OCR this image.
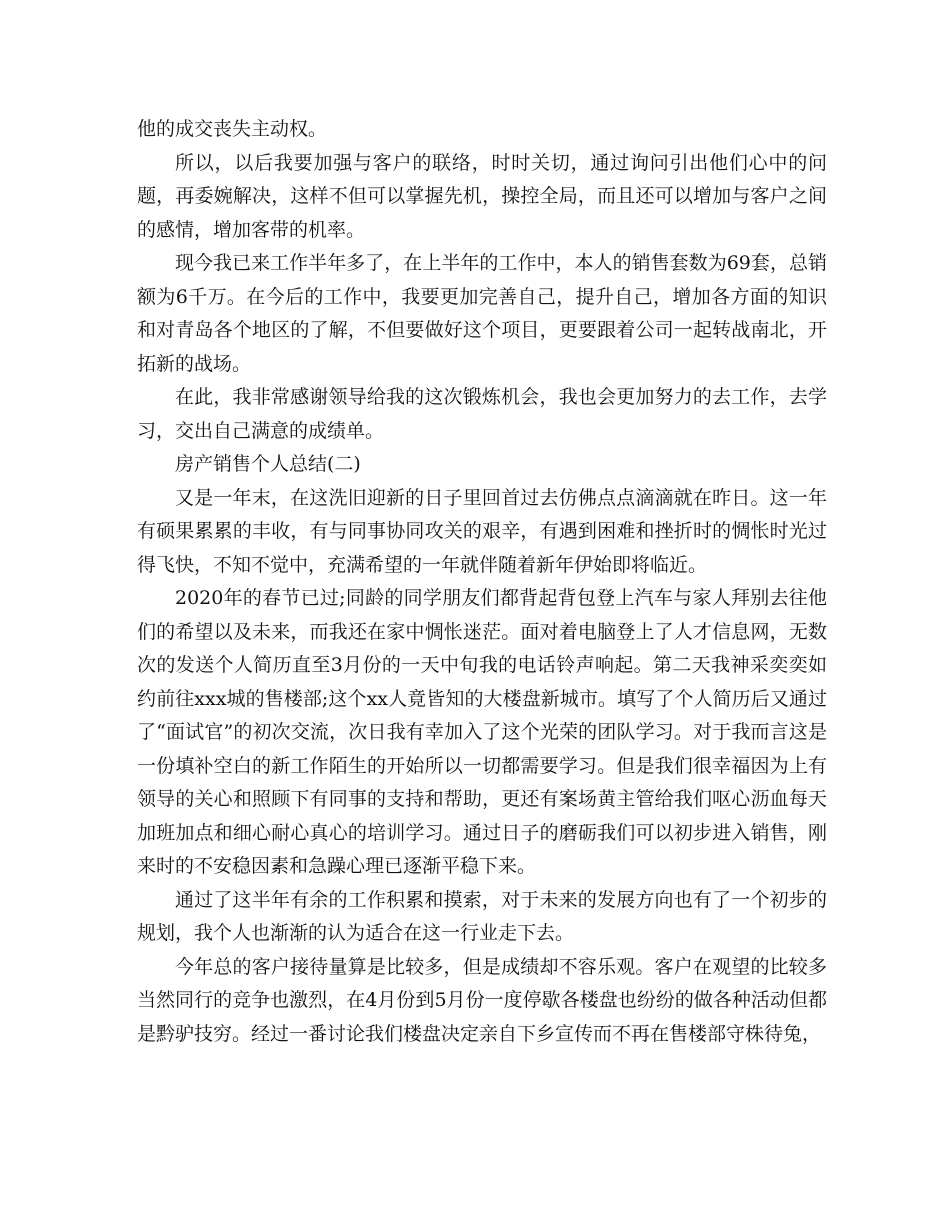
他的成交丧失主动权。

所以，以后我要加强与客户的联络，时时关切，通过询问引出他们心中的问题，再委婉解决，这样不但可以掌握先机，操控全局，而且还可以增加与客户之间的感情，增加客带的机率。

现今我已来工作半年多了，在上半年的工作中，本人的销售套数为69套，总销额为6千万。在今后的工作中，我要更加完善自己，提升自己，增加各方面的知识和对青岛各个地区的了解，不但要做好这个项目，更要跟着公司一起转战南北，开拓新的战场。

在此，我非常感谢领导给我的这次锻炼机会，我也会更加努力的去工作，去学习，交出自己满意的成绩单。

房产销售个人总结(二)

又是一年末，在这洗旧迎新的日子里回首过去仿佛点点滴滴就在昨日。这一年有硕果累累的丰收，有与同事协同攻关的艰辛，有遇到困难和挫折时的惆怅时光过得飞快，不知不觉中，充满希望的一年就伴随着新年伊始即将临近。

2020年的春节已过;同龄的同学朋友们都背起背包登上汽车与家人拜别去往他们的希望以及未来，而我还在家中惆怅迷茫。面对着电脑登上了人才信息网，无数次的发送个人简历直至3月份的一天中旬我的电话铃声响起。第二天我神采奕奕如约前往xxx城的售楼部;这个xx人竟皆知的大楼盘新城市。填写了个人简历后又通过了“面试官”的初次交流，次日我有幸加入了这个光荣的团队学习。对于我而言这是一份填补空白的新工作陌生的开始所以一切都需要学习。但是我们很幸福因为上有领导的关心和照顾下有同事的支持和帮助，更还有案场黄主管给我们呕心沥血每天加班加点和细心耐心真心的培训学习。通过日子的磨砺我们可以初步进入销售，刚来时的不安稳因素和急躁心理已逐渐平稳下来。

通过了这半年有余的工作积累和摸索，对于未来的发展方向也有了一个初步的规划，我个人也渐渐的认为适合在这一行业走下去。

今年总的客户接待量算是比较多，但是成绩却不容乐观。客户在观望的比较多当然同行的竞争也激烈，在4月份到5月份一度停歇各楼盘也纷纷的做各种活动但都是黔驴技穷。经过一番讨论我们楼盘决定亲自下乡宣传而不再在售楼部守株待兔，
